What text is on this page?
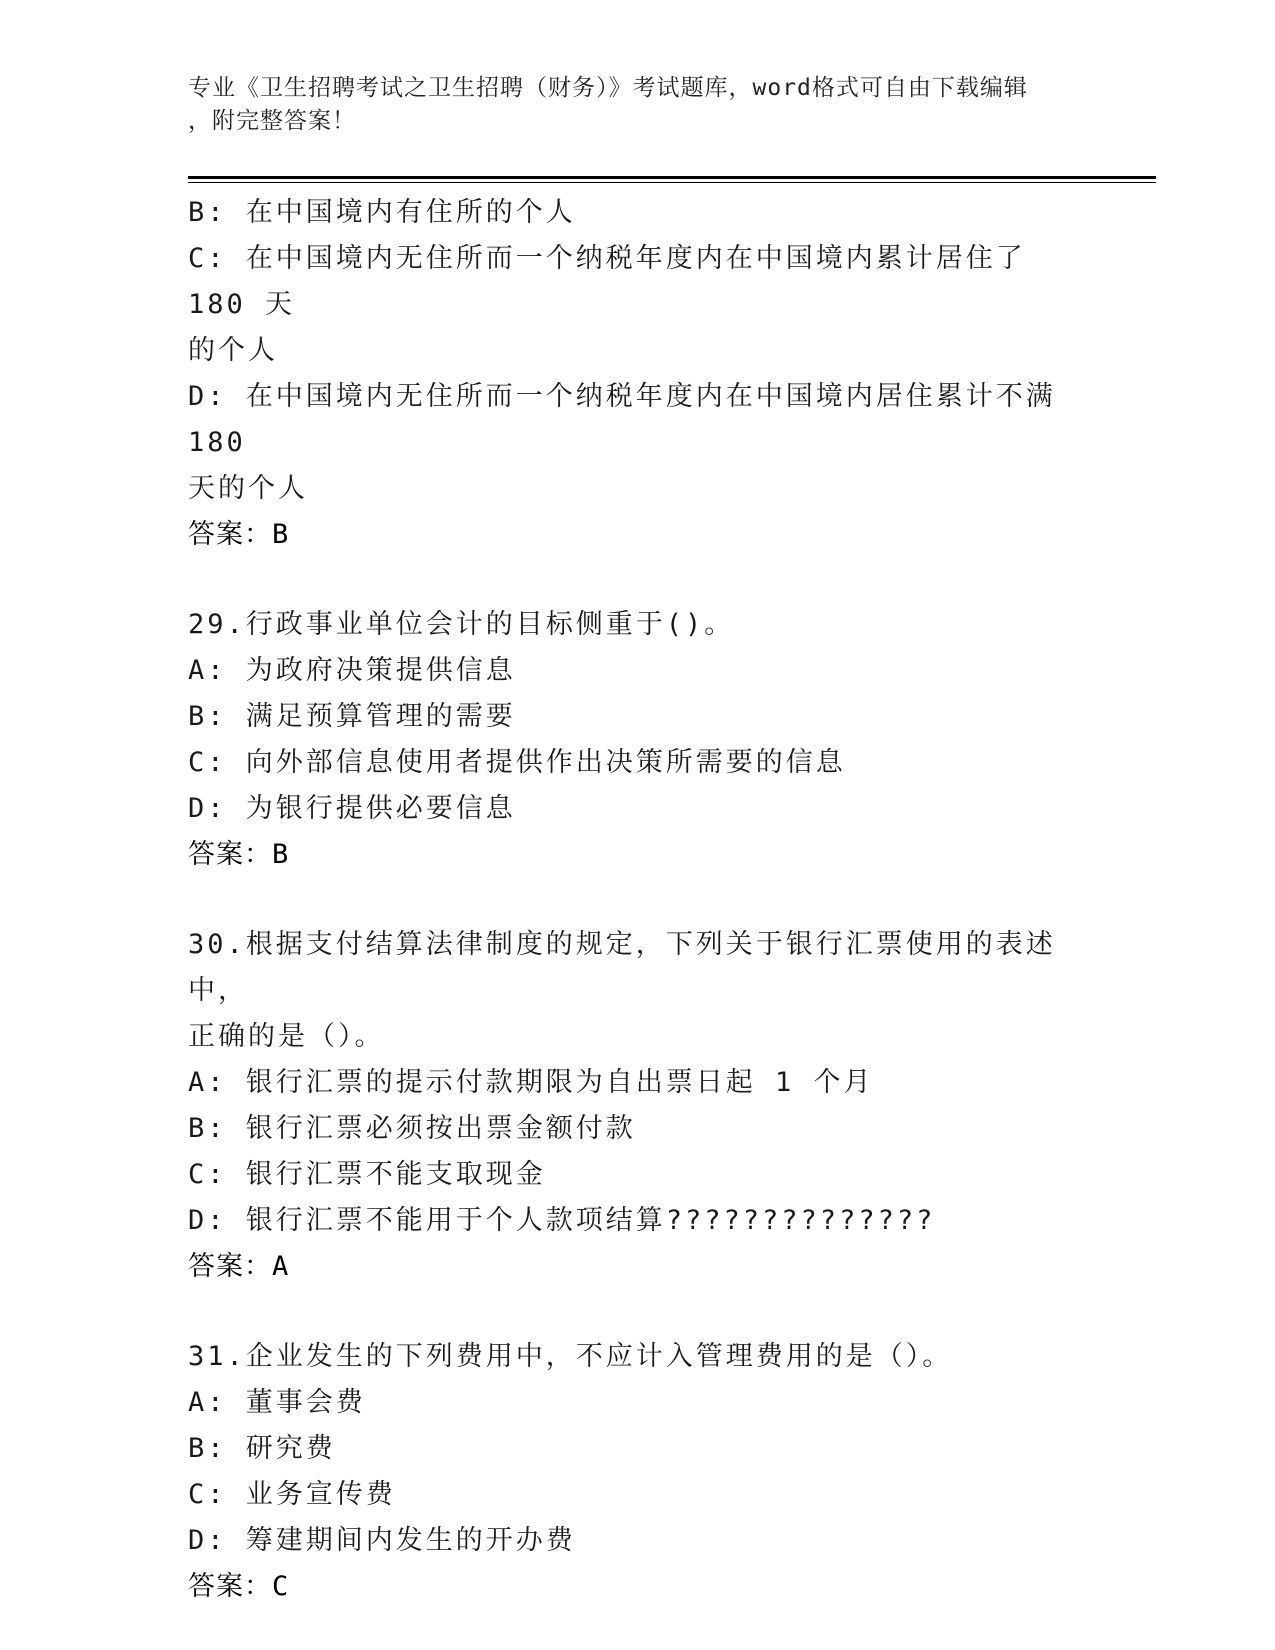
专业《卫生招聘考试之卫生招聘（财务）》考试题库，word格式可自由下载编辑
，附完整答案！
B: 在中国境内有住所的个人
C: 在中国境内无住所而一个纳税年度内在中国境内累计居住了 180 天
的个人
D: 在中国境内无住所而一个纳税年度内在中国境内居住累计不满 180
天的个人
答案：B
29.行政事业单位会计的目标侧重于()。
A: 为政府决策提供信息
B: 满足预算管理的需要
C: 向外部信息使用者提供作出决策所需要的信息
D: 为银行提供必要信息
答案：B
30.根据支付结算法律制度的规定，下列关于银行汇票使用的表述中，
正确的是（）。
A: 银行汇票的提示付款期限为自出票日起 1 个月
B: 银行汇票必须按出票金额付款
C: 银行汇票不能支取现金
D: 银行汇票不能用于个人款项结算??????????????
答案：A
31.企业发生的下列费用中，不应计入管理费用的是（）。
A: 董事会费
B: 研究费
C: 业务宣传费
D: 筹建期间内发生的开办费
答案：C
